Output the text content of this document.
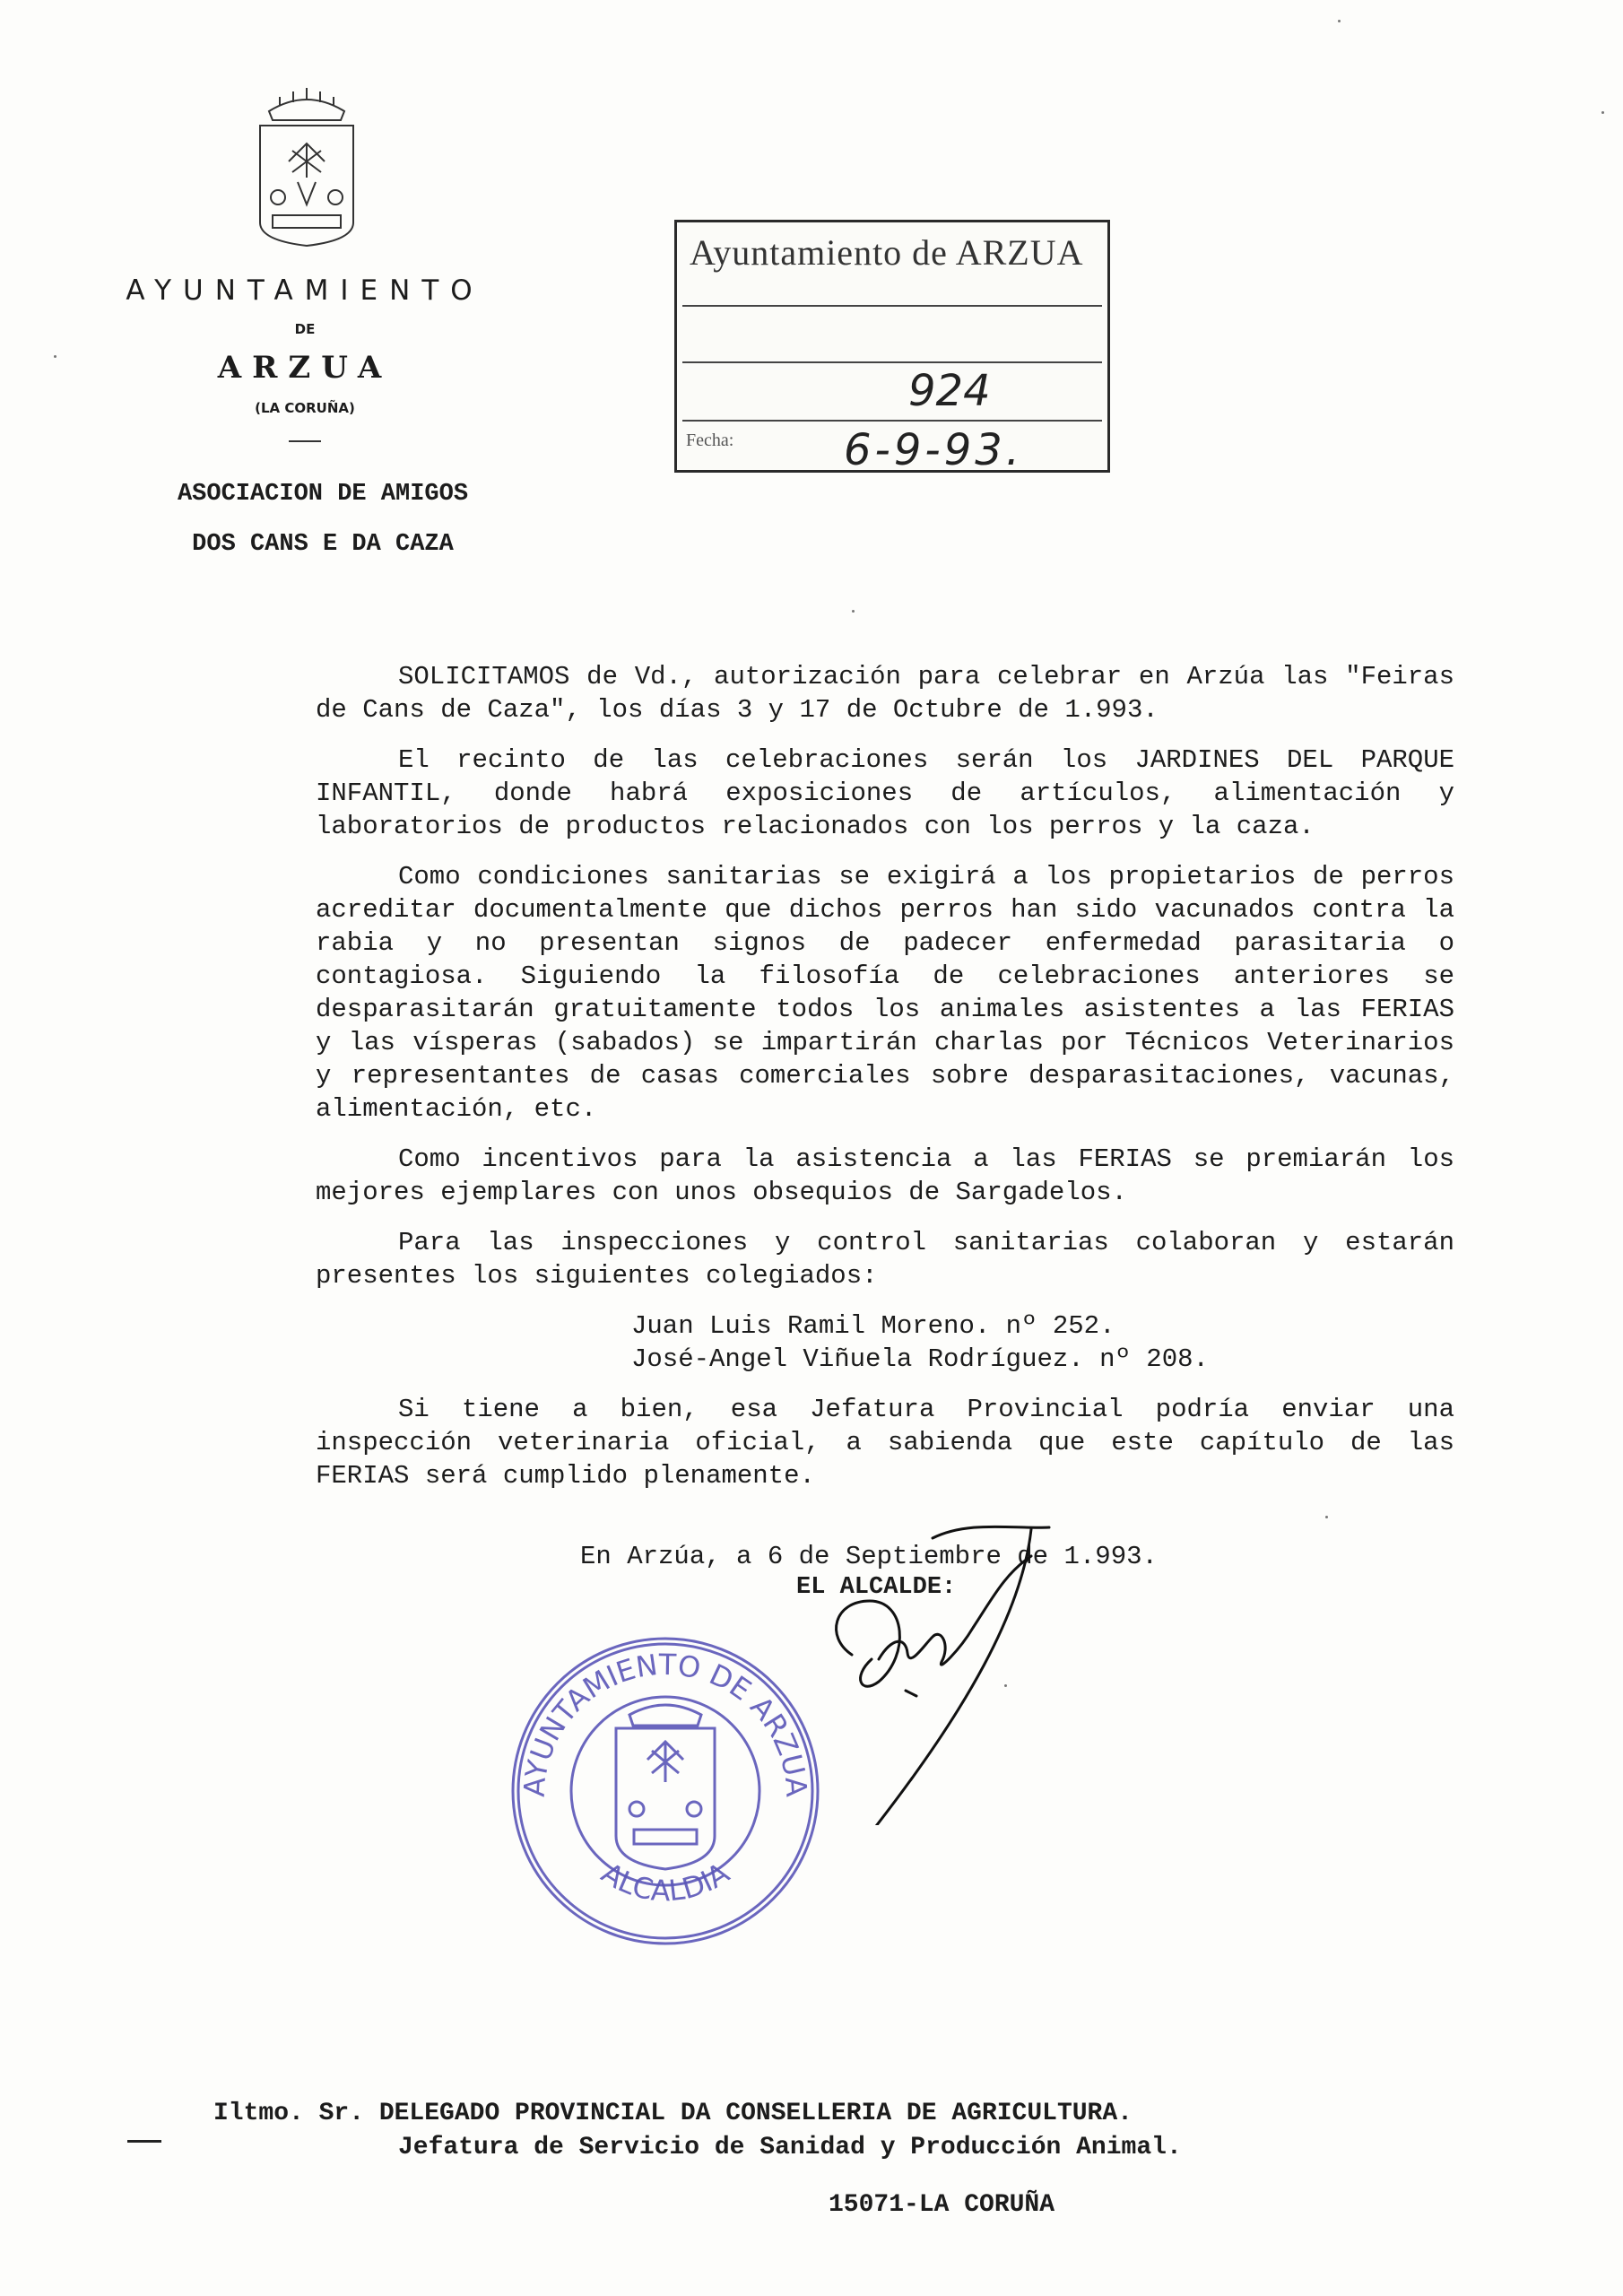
AYUNTAMIENTO
DE
ARZUA
(LA CORUÑA)
ASOCIACION DE AMIGOS
DOS CANS E DA CAZA
Ayuntamiento de ARZUA
924
Fecha:	6-9-93.

SOLICITAMOS de Vd., autorización para celebrar en Arzúa las "Feiras de Cans de Caza", los días 3 y 17 de Octubre de 1.993.

El recinto de las celebraciones serán los JARDINES DEL PARQUE INFANTIL, donde habrá exposiciones de artículos, alimentación y laboratorios de productos relacionados con los perros y la caza.

Como condiciones sanitarias se exigirá a los propietarios de perros acreditar documentalmente que dichos perros han sido vacunados contra la rabia y no presentan signos de padecer enfermedad parasitaria o contagiosa. Siguiendo la filosofía de celebraciones anteriores se desparasitarán gratuitamente todos los animales asistentes a las FERIAS y las vísperas (sabados) se impartirán charlas por Técnicos Veterinarios y representantes de casas comerciales sobre desparasitaciones, vacunas, alimentación, etc.

Como incentivos para la asistencia a las FERIAS se premiarán los mejores ejemplares con unos obsequios de Sargadelos.

Para las inspecciones y control sanitarias colaboran y estarán presentes los siguientes colegiados:

Juan Luis Ramil Moreno. nº 252.
José-Angel Viñuela Rodríguez. nº 208.

Si tiene a bien, esa Jefatura Provincial podría enviar una inspección veterinaria oficial, a sabienda que este capítulo de las FERIAS será cumplido plenamente.

En Arzúa, a 6 de Septiembre de 1.993.
EL ALCALDE:
AYUNTAMIENTO DE ARZUA
ALCALDIA
Iltmo. Sr. DELEGADO PROVINCIAL DA CONSELLERIA DE AGRICULTURA.
Jefatura de Servicio de Sanidad y Producción Animal.
15071-LA CORUÑA
